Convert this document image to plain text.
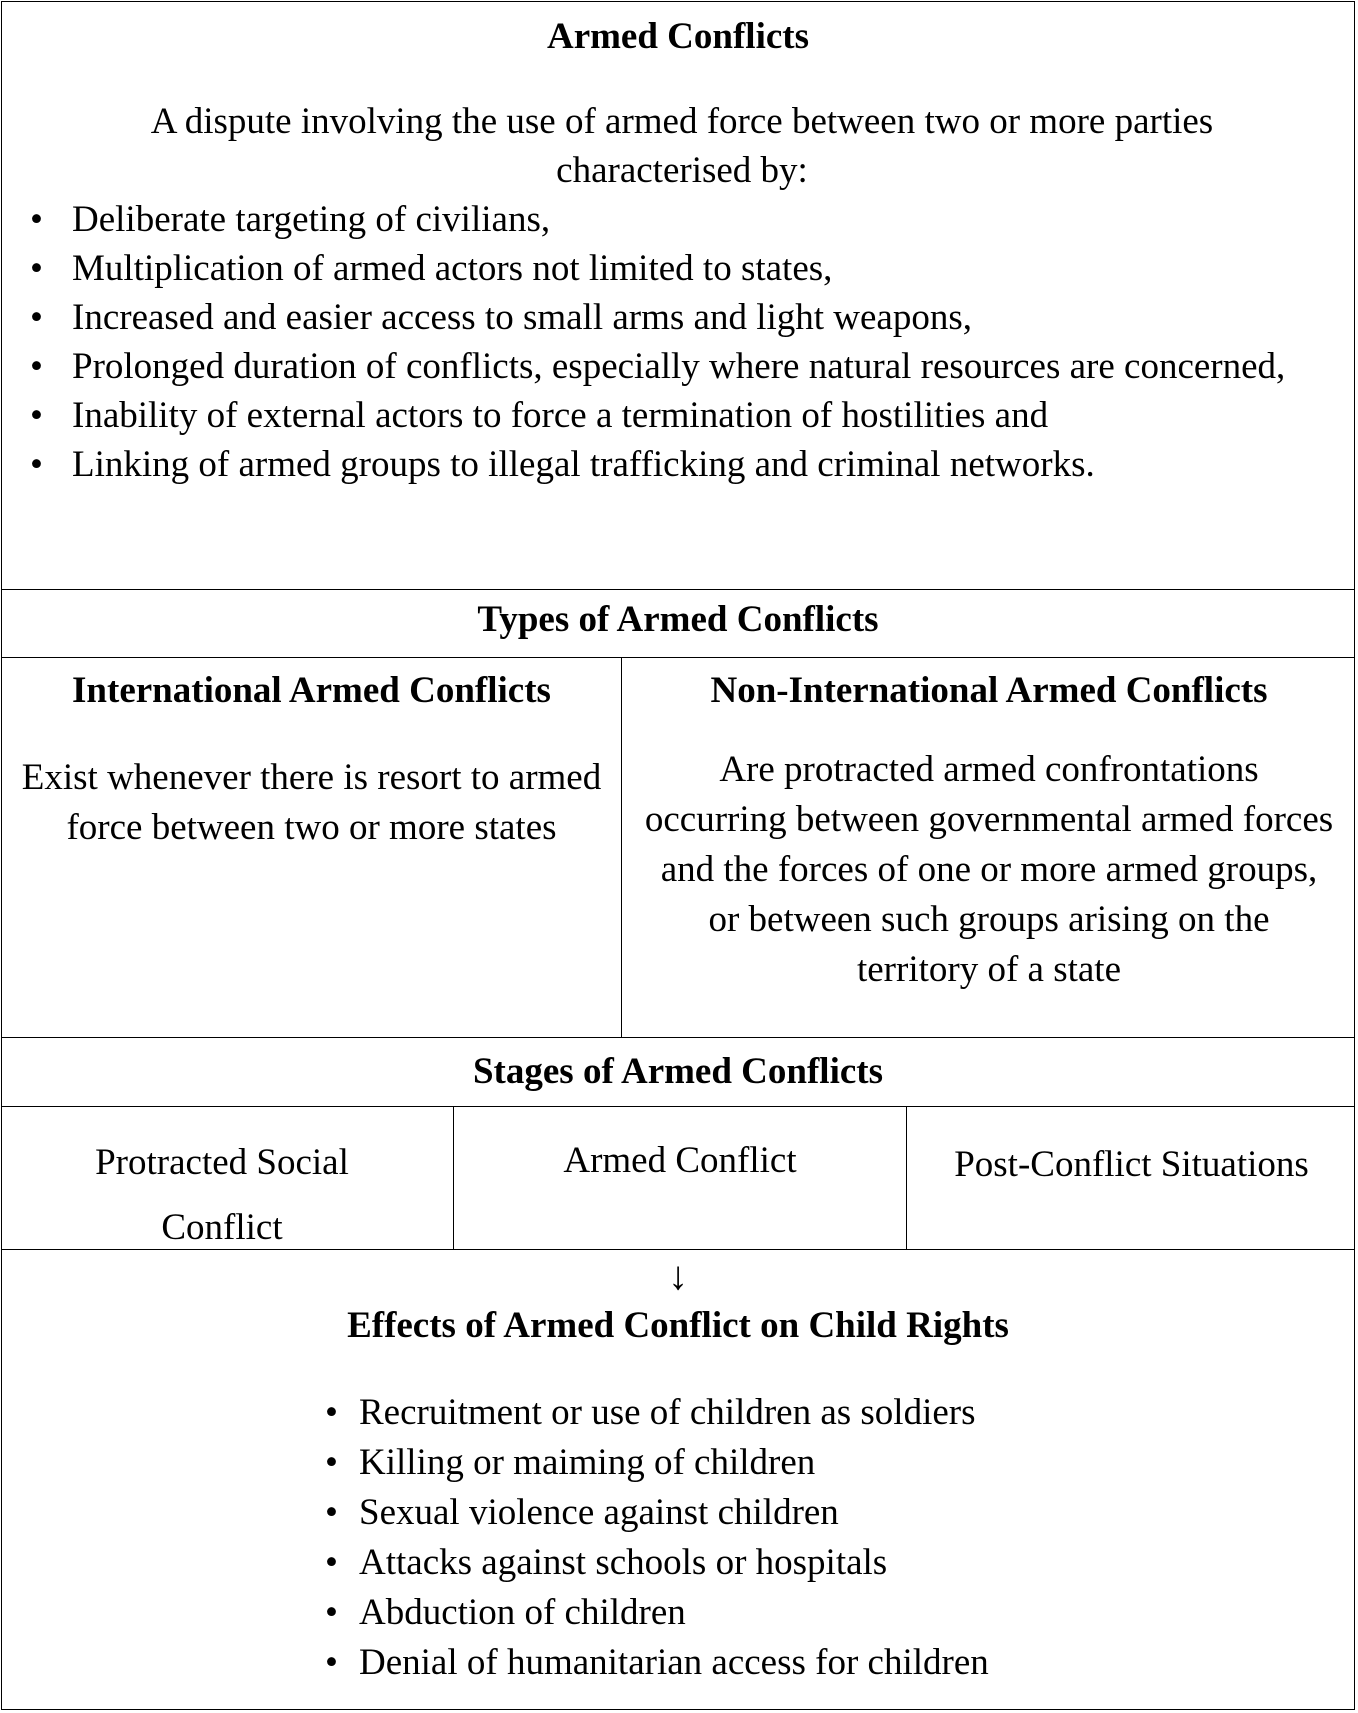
Armed Conflicts
A dispute involving the use of armed force between two or more parties characterised by:
• Deliberate targeting of civilians,
• Multiplication of armed actors not limited to states,
• Increased and easier access to small arms and light weapons,
• Prolonged duration of conflicts, especially where natural resources are concerned,
• Inability of external actors to force a termination of hostilities and
• Linking of armed groups to illegal trafficking and criminal networks.
Types of Armed Conflicts
International Armed Conflicts
Exist whenever there is resort to armed force between two or more states
Non-International Armed Conflicts
Are protracted armed confrontations occurring between governmental armed forces and the forces of one or more armed groups, or between such groups arising on the territory of a state
Stages of Armed Conflicts
Protracted Social Conflict
Armed Conflict	Post-Conflict Situations
↓
Effects of Armed Conflict on Child Rights
• Recruitment or use of children as soldiers
• Killing or maiming of children
• Sexual violence against children
• Attacks against schools or hospitals
• Abduction of children
• Denial of humanitarian access for children
